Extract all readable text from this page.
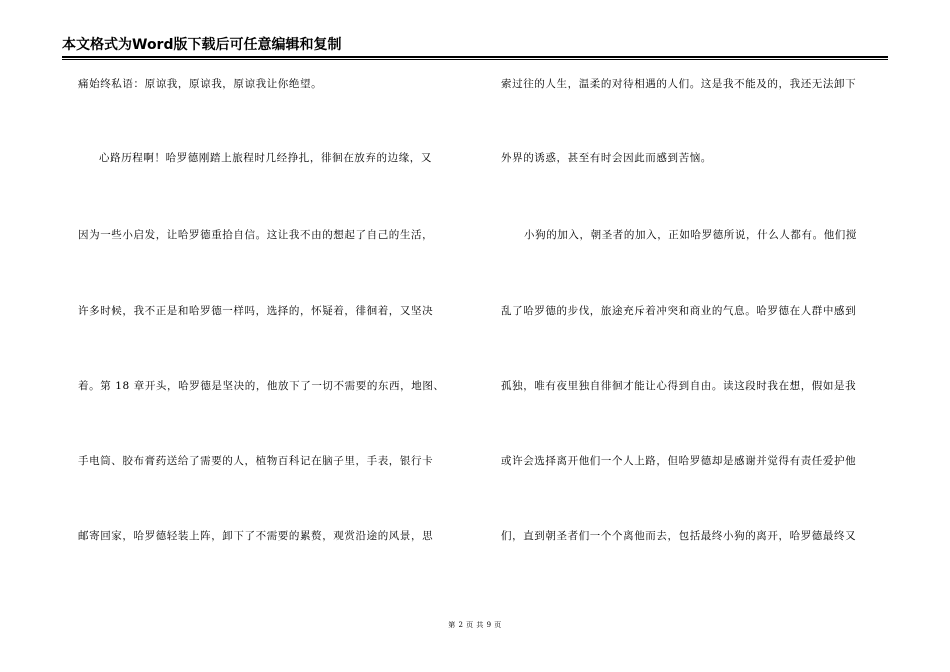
本文格式为Word版下载后可任意编辑和复制
痛始终私语：原谅我，原谅我，原谅我让你绝望。
心路历程啊！哈罗德刚踏上旅程时几经挣扎，徘徊在放弃的边缘，又
因为一些小启发，让哈罗德重拾自信。这让我不由的想起了自己的生活，
许多时候，我不正是和哈罗德一样吗，选择的，怀疑着，徘徊着，又坚决
着。第 18 章开头，哈罗德是坚决的，他放下了一切不需要的东西，地图、
手电筒、胶布膏药送给了需要的人，植物百科记在脑子里，手表，银行卡
邮寄回家，哈罗德轻装上阵，卸下了不需要的累赘，观赏沿途的风景，思
索过往的人生，温柔的对待相遇的人们。这是我不能及的，我还无法卸下
外界的诱惑，甚至有时会因此而感到苦恼。
小狗的加入，朝圣者的加入，正如哈罗德所说，什么人都有。他们搅
乱了哈罗德的步伐，旅途充斥着冲突和商业的气息。哈罗德在人群中感到
孤独，唯有夜里独自徘徊才能让心得到自由。读这段时我在想，假如是我
或许会选择离开他们一个人上路，但哈罗德却是感谢并觉得有责任爱护他
们，直到朝圣者们一个个离他而去，包括最终小狗的离开，哈罗德最终又
第 2 页 共 9 页
